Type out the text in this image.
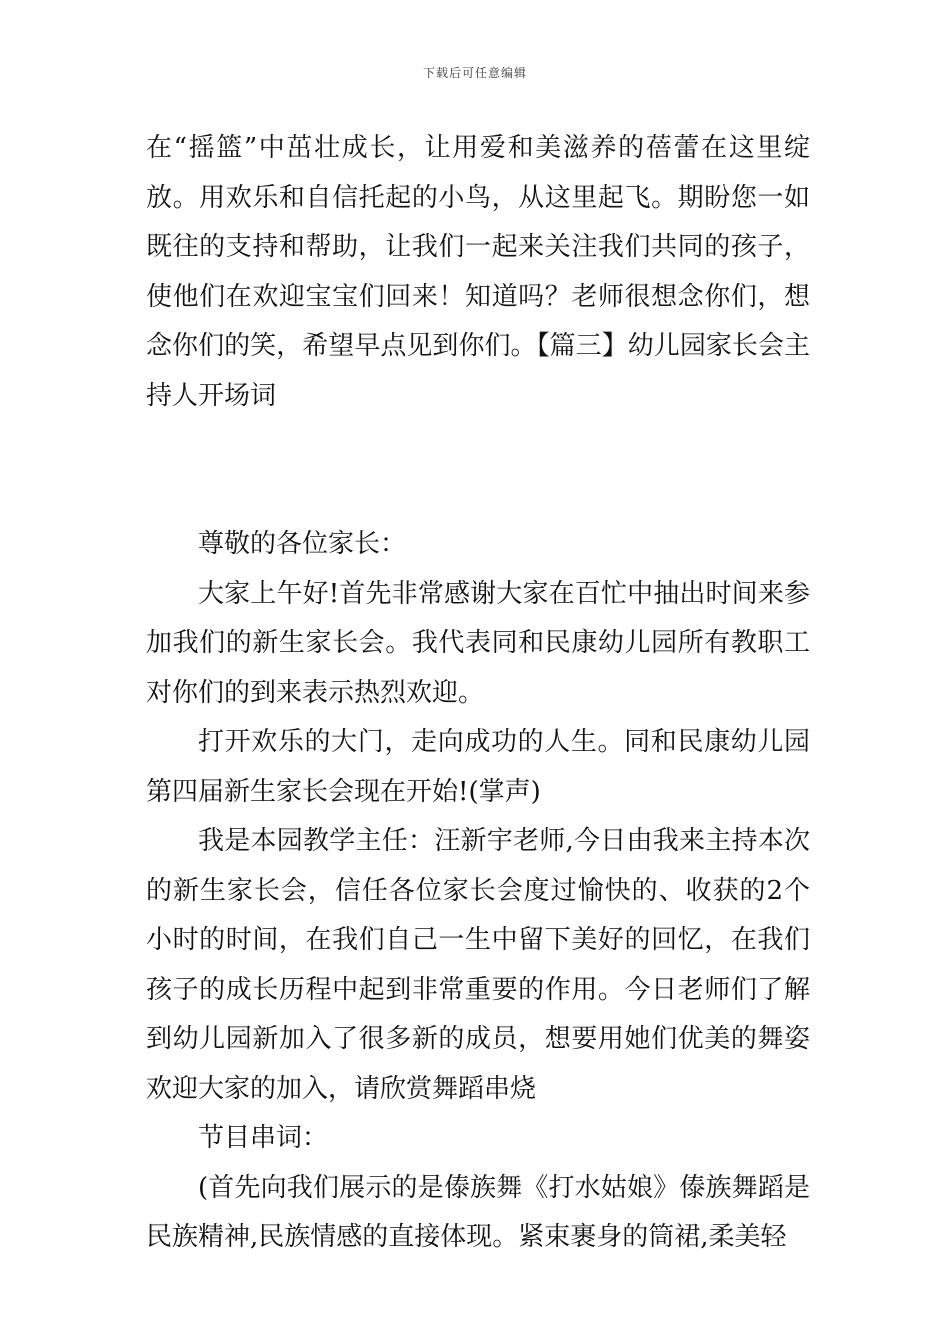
下载后可任意编辑

在“摇篮”中茁壮成长，让用爱和美滋养的蓓蕾在这里绽放。用欢乐和自信托起的小鸟，从这里起飞。期盼您一如既往的支持和帮助，让我们一起来关注我们共同的孩子，使他们在欢迎宝宝们回来！知道吗？老师很想念你们，想念你们的笑，希望早点见到你们。【篇三】幼儿园家长会主持人开场词

尊敬的各位家长：

大家上午好!首先非常感谢大家在百忙中抽出时间来参加我们的新生家长会。我代表同和民康幼儿园所有教职工对你们的到来表示热烈欢迎。

打开欢乐的大门，走向成功的人生。同和民康幼儿园第四届新生家长会现在开始!(掌声)

我是本园教学主任：汪新宇老师,今日由我来主持本次的新生家长会，信任各位家长会度过愉快的、收获的2个小时的时间，在我们自己一生中留下美好的回忆，在我们孩子的成长历程中起到非常重要的作用。今日老师们了解到幼儿园新加入了很多新的成员，想要用她们优美的舞姿欢迎大家的加入，请欣赏舞蹈串烧

节目串词：

(首先向我们展示的是傣族舞《打水姑娘》傣族舞蹈是民族精神,民族情感的直接体现。紧束裹身的筒裙,柔美轻
